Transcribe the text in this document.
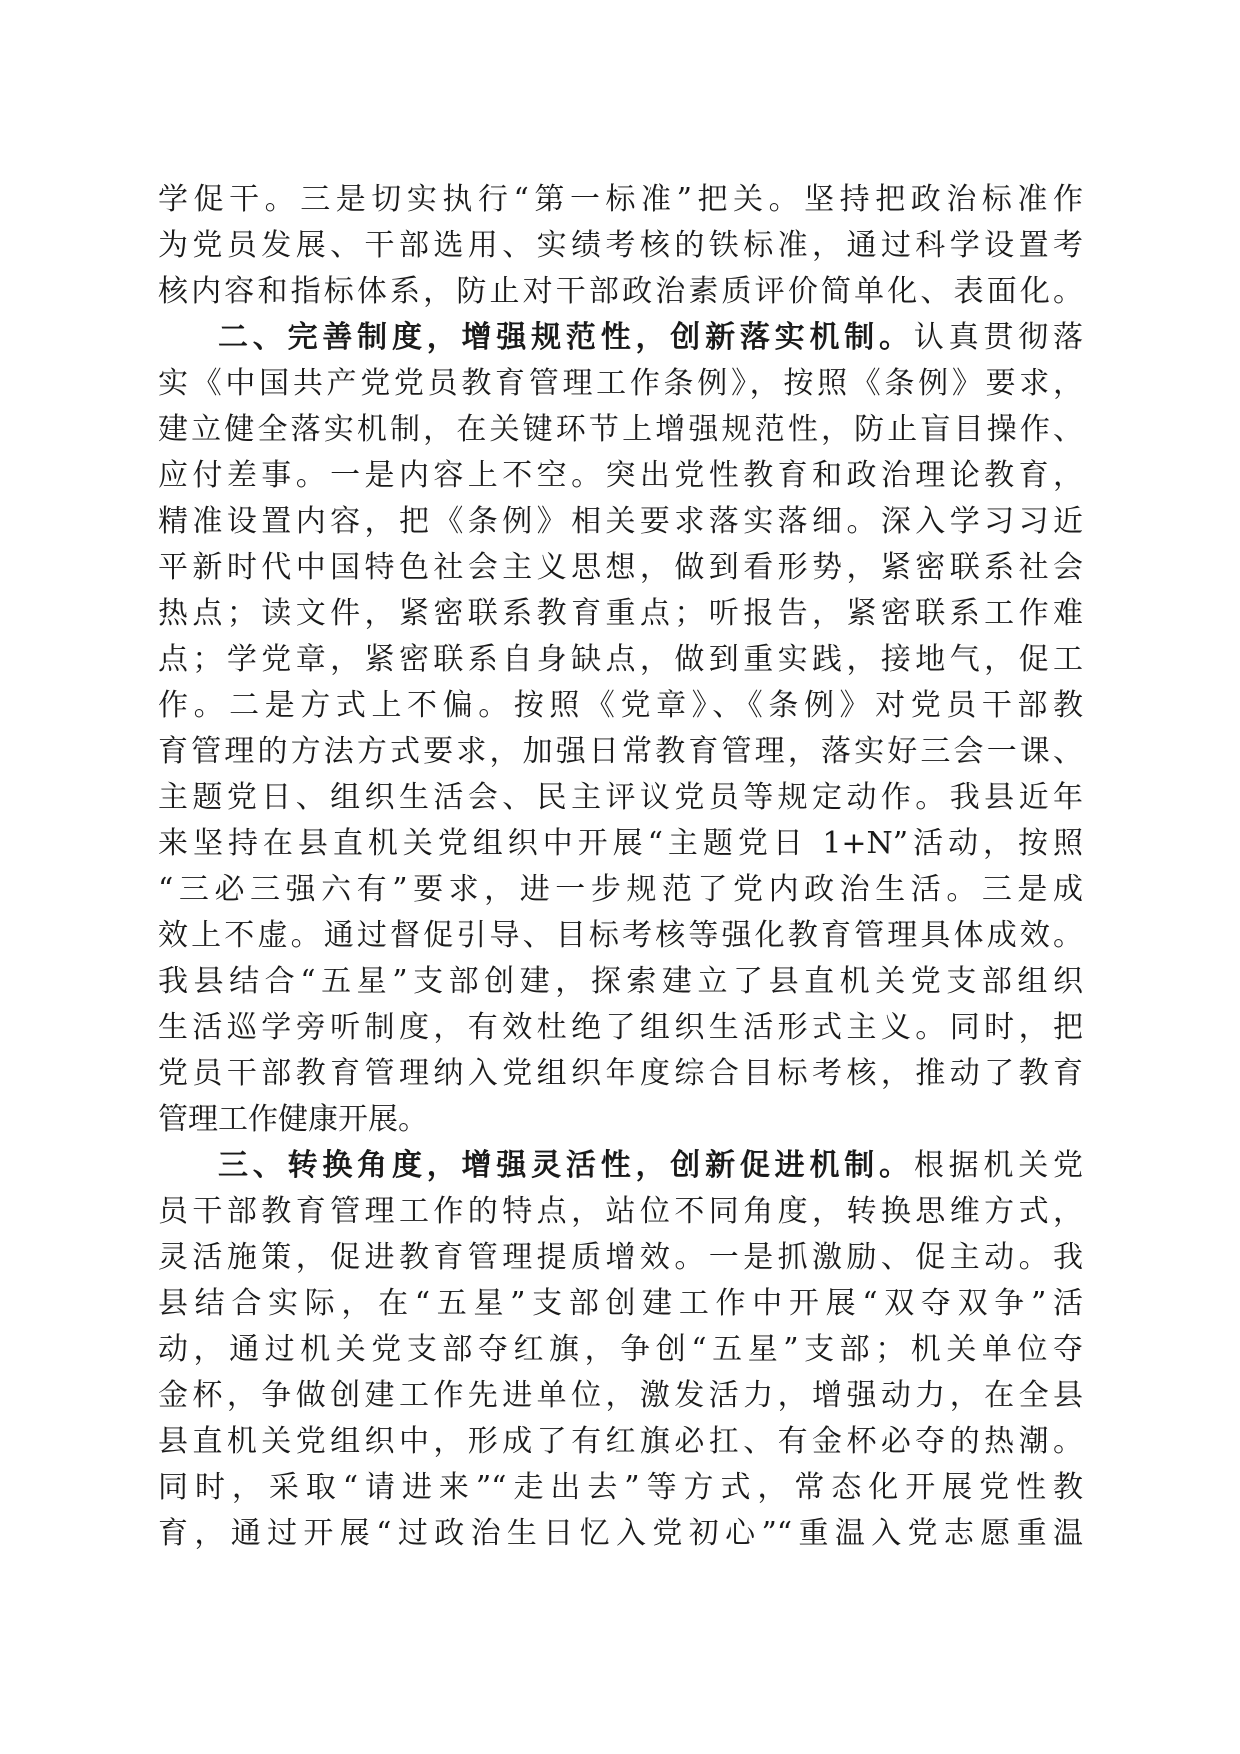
学促干。三是切实执行“第一标准”把关。坚持把政治标准作
为党员发展、干部选用、实绩考核的铁标准，通过科学设置考
核内容和指标体系，防止对干部政治素质评价简单化、表面化。
二、完善制度，增强规范性，创新落实机制。认真贯彻落
实《中国共产党党员教育管理工作条例》，按照《条例》要求，
建立健全落实机制，在关键环节上增强规范性，防止盲目操作、
应付差事。一是内容上不空。突出党性教育和政治理论教育，
精准设置内容，把《条例》相关要求落实落细。深入学习习近
平新时代中国特色社会主义思想，做到看形势，紧密联系社会
热点；读文件，紧密联系教育重点；听报告，紧密联系工作难
点；学党章，紧密联系自身缺点，做到重实践，接地气，促工
作。二是方式上不偏。按照《党章》、《条例》对党员干部教
育管理的方法方式要求，加强日常教育管理，落实好三会一课、
主题党日、组织生活会、民主评议党员等规定动作。我县近年
来坚持在县直机关党组织中开展“主题党日 1+N”活动，按照
“三必三强六有”要求，进一步规范了党内政治生活。三是成
效上不虚。通过督促引导、目标考核等强化教育管理具体成效。
我县结合“五星”支部创建，探索建立了县直机关党支部组织
生活巡学旁听制度，有效杜绝了组织生活形式主义。同时，把
党员干部教育管理纳入党组织年度综合目标考核，推动了教育
管理工作健康开展。
三、转换角度，增强灵活性，创新促进机制。根据机关党
员干部教育管理工作的特点，站位不同角度，转换思维方式，
灵活施策，促进教育管理提质增效。一是抓激励、促主动。我
县结合实际，在“五星”支部创建工作中开展“双夺双争”活
动，通过机关党支部夺红旗，争创“五星”支部；机关单位夺
金杯，争做创建工作先进单位，激发活力，增强动力，在全县
县直机关党组织中，形成了有红旗必扛、有金杯必夺的热潮。
同时，采取“请进来”“走出去”等方式，常态化开展党性教
育，通过开展“过政治生日忆入党初心”“重温入党志愿重温
